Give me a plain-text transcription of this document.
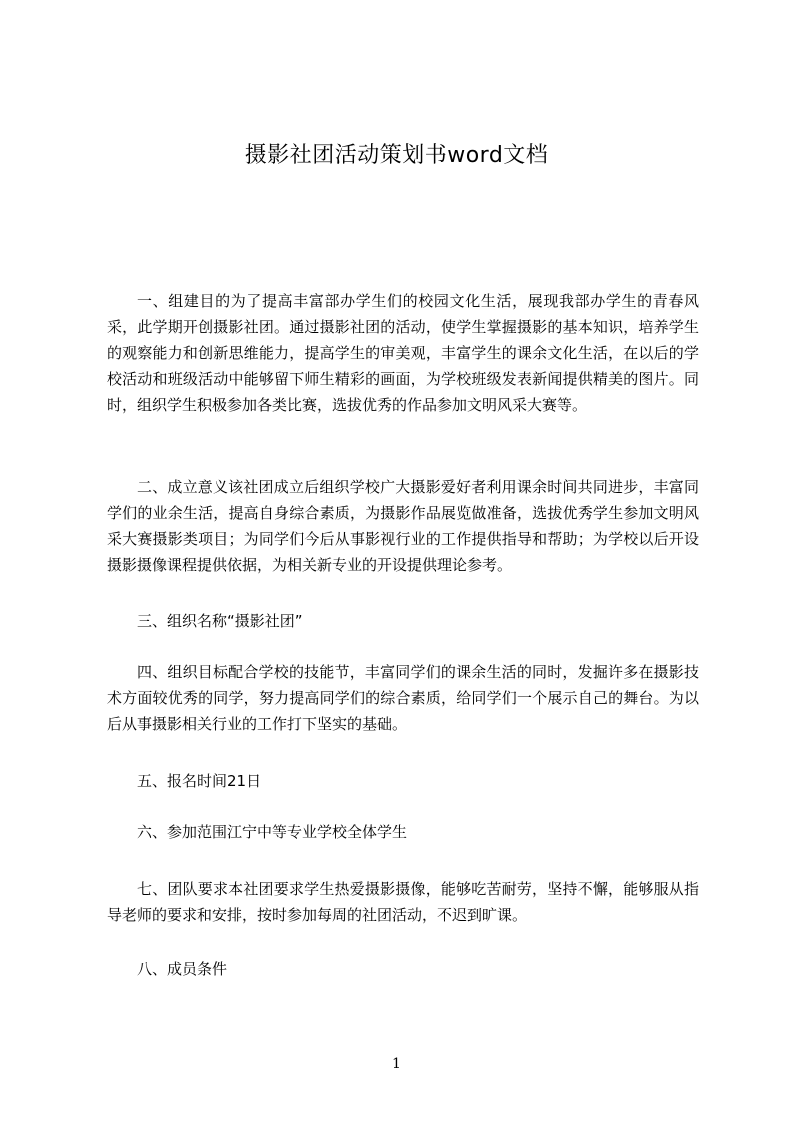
摄影社团活动策划书word文档

一、组建目的为了提高丰富部办学生们的校园文化生活，展现我部办学生的青春风采，此学期开创摄影社团。通过摄影社团的活动，使学生掌握摄影的基本知识，培养学生的观察能力和创新思维能力，提高学生的审美观，丰富学生的课余文化生活，在以后的学校活动和班级活动中能够留下师生精彩的画面，为学校班级发表新闻提供精美的图片。同时，组织学生积极参加各类比赛，选拔优秀的作品参加文明风采大赛等。

二、成立意义该社团成立后组织学校广大摄影爱好者利用课余时间共同进步，丰富同学们的业余生活，提高自身综合素质，为摄影作品展览做准备，选拔优秀学生参加文明风采大赛摄影类项目；为同学们今后从事影视行业的工作提供指导和帮助；为学校以后开设摄影摄像课程提供依据，为相关新专业的开设提供理论参考。

三、组织名称“摄影社团”

四、组织目标配合学校的技能节，丰富同学们的课余生活的同时，发掘许多在摄影技术方面较优秀的同学，努力提高同学们的综合素质，给同学们一个展示自己的舞台。为以后从事摄影相关行业的工作打下坚实的基础。

五、报名时间21日

六、参加范围江宁中等专业学校全体学生

七、团队要求本社团要求学生热爱摄影摄像，能够吃苦耐劳，坚持不懈，能够服从指导老师的要求和安排，按时参加每周的社团活动，不迟到旷课。

八、成员条件

1
